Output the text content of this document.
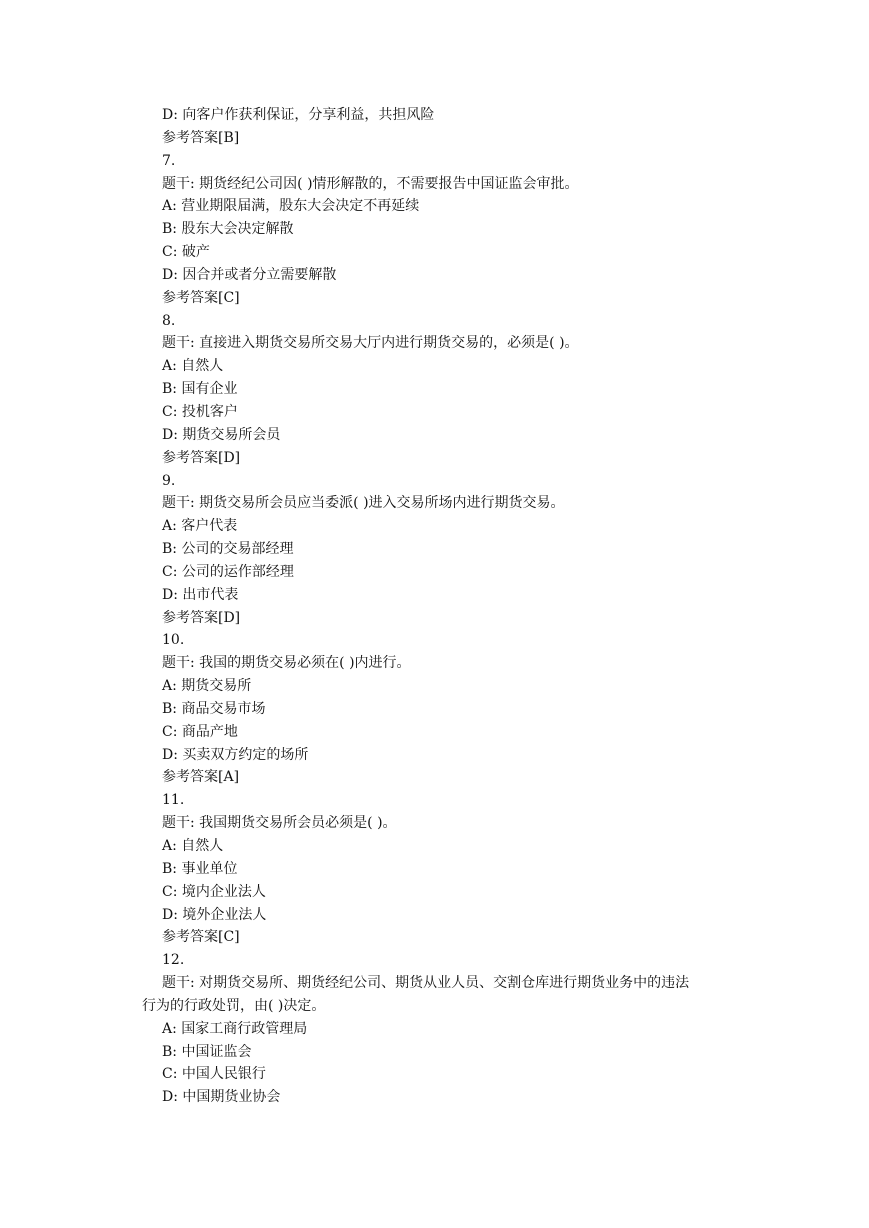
D: 向客户作获利保证，分享利益，共担风险
参考答案[B]
7.
题干: 期货经纪公司因( )情形解散的，不需要报告中国证监会审批。
A: 营业期限届满，股东大会决定不再延续
B: 股东大会决定解散
C: 破产
D: 因合并或者分立需要解散
参考答案[C]
8.
题干: 直接进入期货交易所交易大厅内进行期货交易的，必须是( )。
A: 自然人
B: 国有企业
C: 投机客户
D: 期货交易所会员
参考答案[D]
9.
题干: 期货交易所会员应当委派( )进入交易所场内进行期货交易。
A: 客户代表
B: 公司的交易部经理
C: 公司的运作部经理
D: 出市代表
参考答案[D]
10.
题干: 我国的期货交易必须在( )内进行。
A: 期货交易所
B: 商品交易市场
C: 商品产地
D: 买卖双方约定的场所
参考答案[A]
11.
题干: 我国期货交易所会员必须是( )。
A: 自然人
B: 事业单位
C: 境内企业法人
D: 境外企业法人
参考答案[C]
12.
题干: 对期货交易所、期货经纪公司、期货从业人员、交割仓库进行期货业务中的违法
行为的行政处罚，由( )决定。
A: 国家工商行政管理局
B: 中国证监会
C: 中国人民银行
D: 中国期货业协会
